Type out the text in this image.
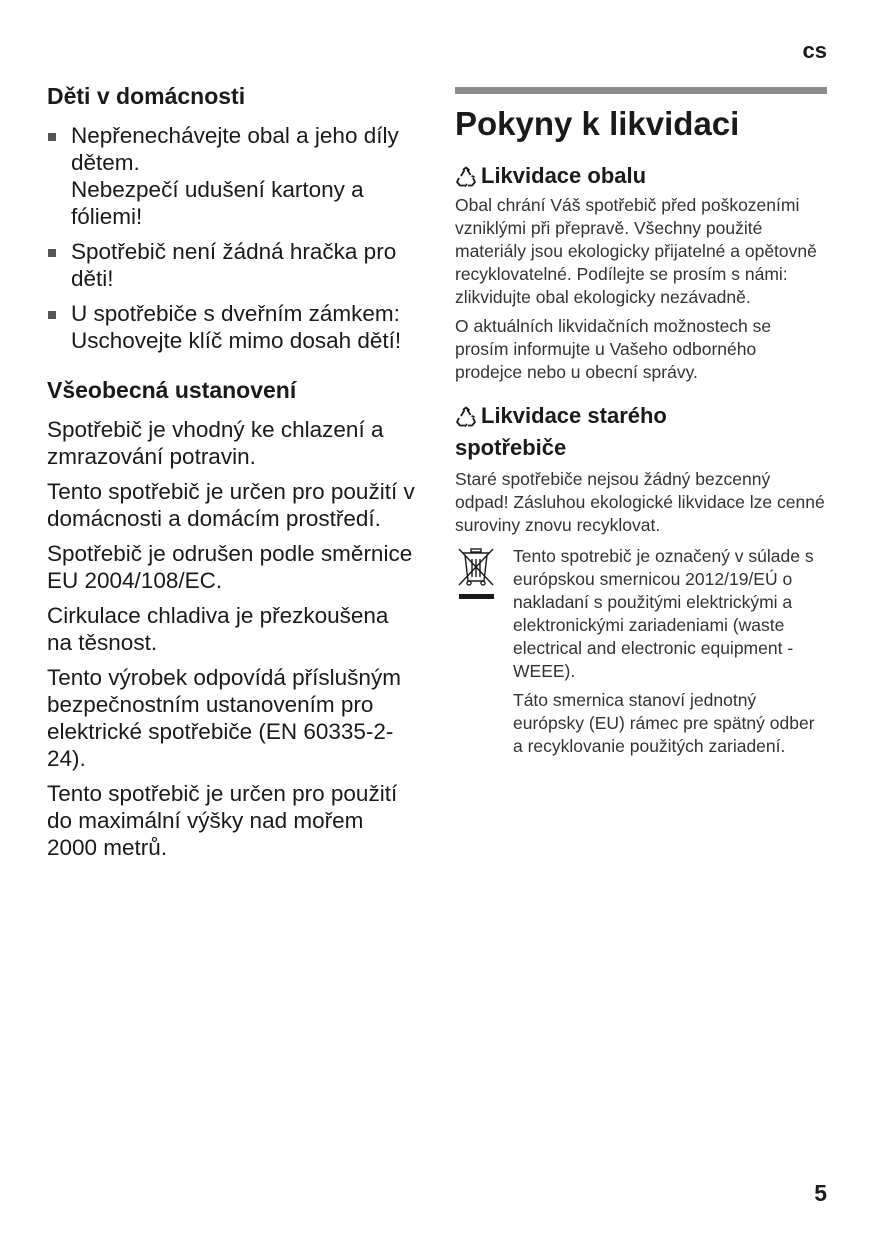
cs
Děti v domácnosti
Nepřenechávejte obal a jeho díly dětem.
Nebezpečí udušení kartony a fóliemi!
Spotřebič není žádná hračka pro děti!
U spotřebiče s dveřním zámkem:
Uschovejte klíč mimo dosah dětí!
Všeobecná ustanovení

Spotřebič je vhodný ke chlazení a zmrazování potravin.

Tento spotřebič je určen pro použití v domácnosti a domácím prostředí.

Spotřebič je odrušen podle směrnice EU 2004/108/EC.

Cirkulace chladiva je přezkoušena na těsnost.

Tento výrobek odpovídá příslušným bezpečnostním ustanovením pro elektrické spotřebiče (EN 60335-2-24).

Tento spotřebič je určen pro použití do maximální výšky nad mořem 2000 metrů.

Pokyny k likvidaci
Likvidace obalu

Obal chrání Váš spotřebič před poškozeními vzniklými při přepravě. Všechny použité materiály jsou ekologicky přijatelné a opětovně recyklovatelné. Podílejte se prosím s námi: zlikvidujte obal ekologicky nezávadně.

O aktuálních likvidačních možnostech se prosím informujte u Vašeho odborného prodejce nebo u obecní správy.

Likvidace starého
spotřebiče

Staré spotřebiče nejsou žádný bezcenný odpad! Zásluhou ekologické likvidace lze cenné suroviny znovu recyklovat.

Tento spotrebič je označený v súlade s európskou smernicou 2012/19/EÚ o nakladaní s použitými elektrickými a elektronickými zariadeniami (waste electrical and electronic equipment - WEEE).

Táto smernica stanoví jednotný európsky (EU) rámec pre spätný odber a recyklovanie použitých zariadení.

5
